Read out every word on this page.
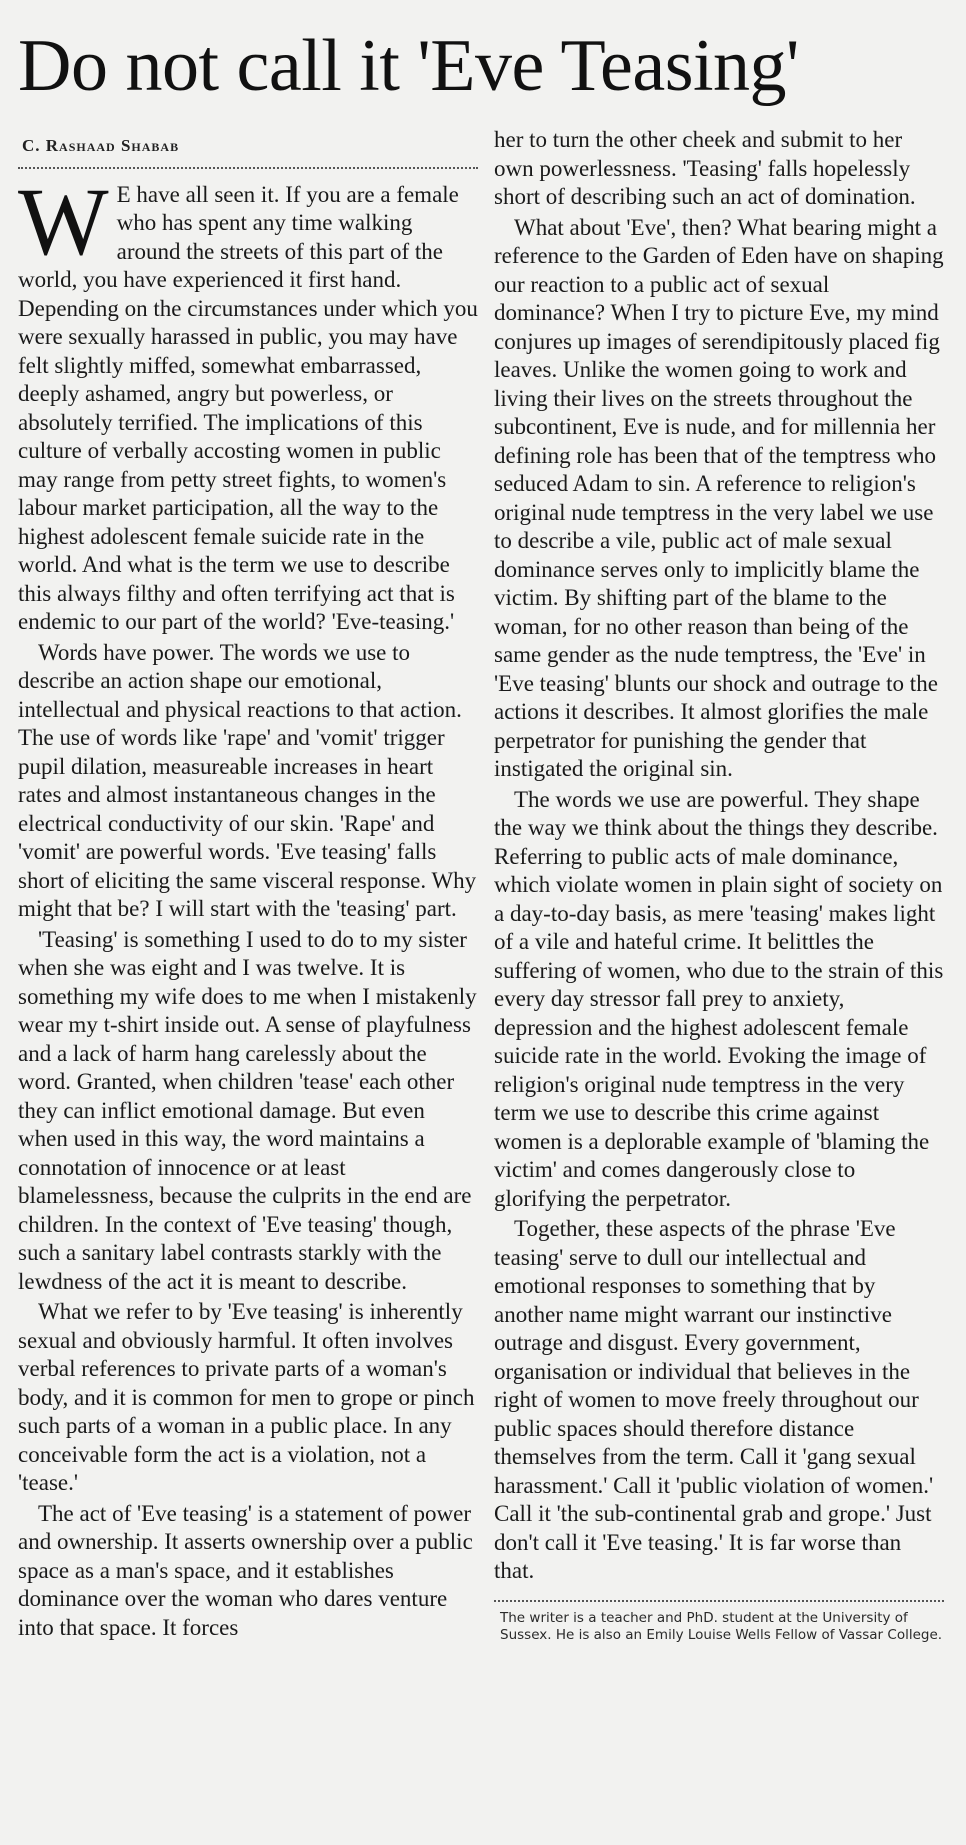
Do not call it 'Eve Teasing'
C. Rashaad Shabab

W E have all seen it. If you are a female who has spent any time walking around the streets of this part of the world, you have experienced it first hand. Depending on the circumstances under which you were sexually harassed in public, you may have felt slightly miffed, somewhat embarrassed, deeply ashamed, angry but powerless, or absolutely terrified. The implications of this culture of verbally accosting women in public may range from petty street fights, to women's labour market participation, all the way to the highest adolescent female suicide rate in the world. And what is the term we use to describe this always filthy and often terrifying act that is endemic to our part of the world? 'Eve-teasing.'

Words have power. The words we use to describe an action shape our emotional, intellectual and physical reactions to that action. The use of words like 'rape' and 'vomit' trigger pupil dilation, measureable increases in heart rates and almost instantaneous changes in the electrical conductivity of our skin. 'Rape' and 'vomit' are powerful words. 'Eve teasing' falls short of eliciting the same visceral response. Why might that be? I will start with the 'teasing' part.

'Teasing' is something I used to do to my sister when she was eight and I was twelve. It is something my wife does to me when I mistakenly wear my t-shirt inside out. A sense of playfulness and a lack of harm hang carelessly about the word. Granted, when children 'tease' each other they can inflict emotional damage. But even when used in this way, the word maintains a connotation of innocence or at least blamelessness, because the culprits in the end are children. In the context of 'Eve teasing' though, such a sanitary label contrasts starkly with the lewdness of the act it is meant to describe.

What we refer to by 'Eve teasing' is inherently sexual and obviously harmful. It often involves verbal references to private parts of a woman's body, and it is common for men to grope or pinch such parts of a woman in a public place. In any conceivable form the act is a violation, not a 'tease.'

The act of 'Eve teasing' is a statement of power and ownership. It asserts ownership over a public space as a man's space, and it establishes dominance over the woman who dares venture into that space. It forces

her to turn the other cheek and submit to her own powerlessness. 'Teasing' falls hopelessly short of describing such an act of domination.

What about 'Eve', then? What bearing might a reference to the Garden of Eden have on shaping our reaction to a public act of sexual dominance? When I try to picture Eve, my mind conjures up images of serendipitously placed fig leaves. Unlike the women going to work and living their lives on the streets throughout the subcontinent, Eve is nude, and for millennia her defining role has been that of the temptress who seduced Adam to sin. A reference to religion's original nude temptress in the very label we use to describe a vile, public act of male sexual dominance serves only to implicitly blame the victim. By shifting part of the blame to the woman, for no other reason than being of the same gender as the nude temptress, the 'Eve' in 'Eve teasing' blunts our shock and outrage to the actions it describes. It almost glorifies the male perpetrator for punishing the gender that instigated the original sin.

The words we use are powerful. They shape the way we think about the things they describe. Referring to public acts of male dominance, which violate women in plain sight of society on a day-to-day basis, as mere 'teasing' makes light of a vile and hateful crime. It belittles the suffering of women, who due to the strain of this every day stressor fall prey to anxiety, depression and the highest adolescent female suicide rate in the world. Evoking the image of religion's original nude temptress in the very term we use to describe this crime against women is a deplorable example of 'blaming the victim' and comes dangerously close to glorifying the perpetrator.

Together, these aspects of the phrase 'Eve teasing' serve to dull our intellectual and emotional responses to something that by another name might warrant our instinctive outrage and disgust. Every government, organisation or individual that believes in the right of women to move freely throughout our public spaces should therefore distance themselves from the term. Call it 'gang sexual harassment.' Call it 'public violation of women.' Call it 'the sub-continental grab and grope.' Just don't call it 'Eve teasing.' It is far worse than that.

The writer is a teacher and PhD. student at the University of Sussex. He is also an Emily Louise Wells Fellow of Vassar College.
